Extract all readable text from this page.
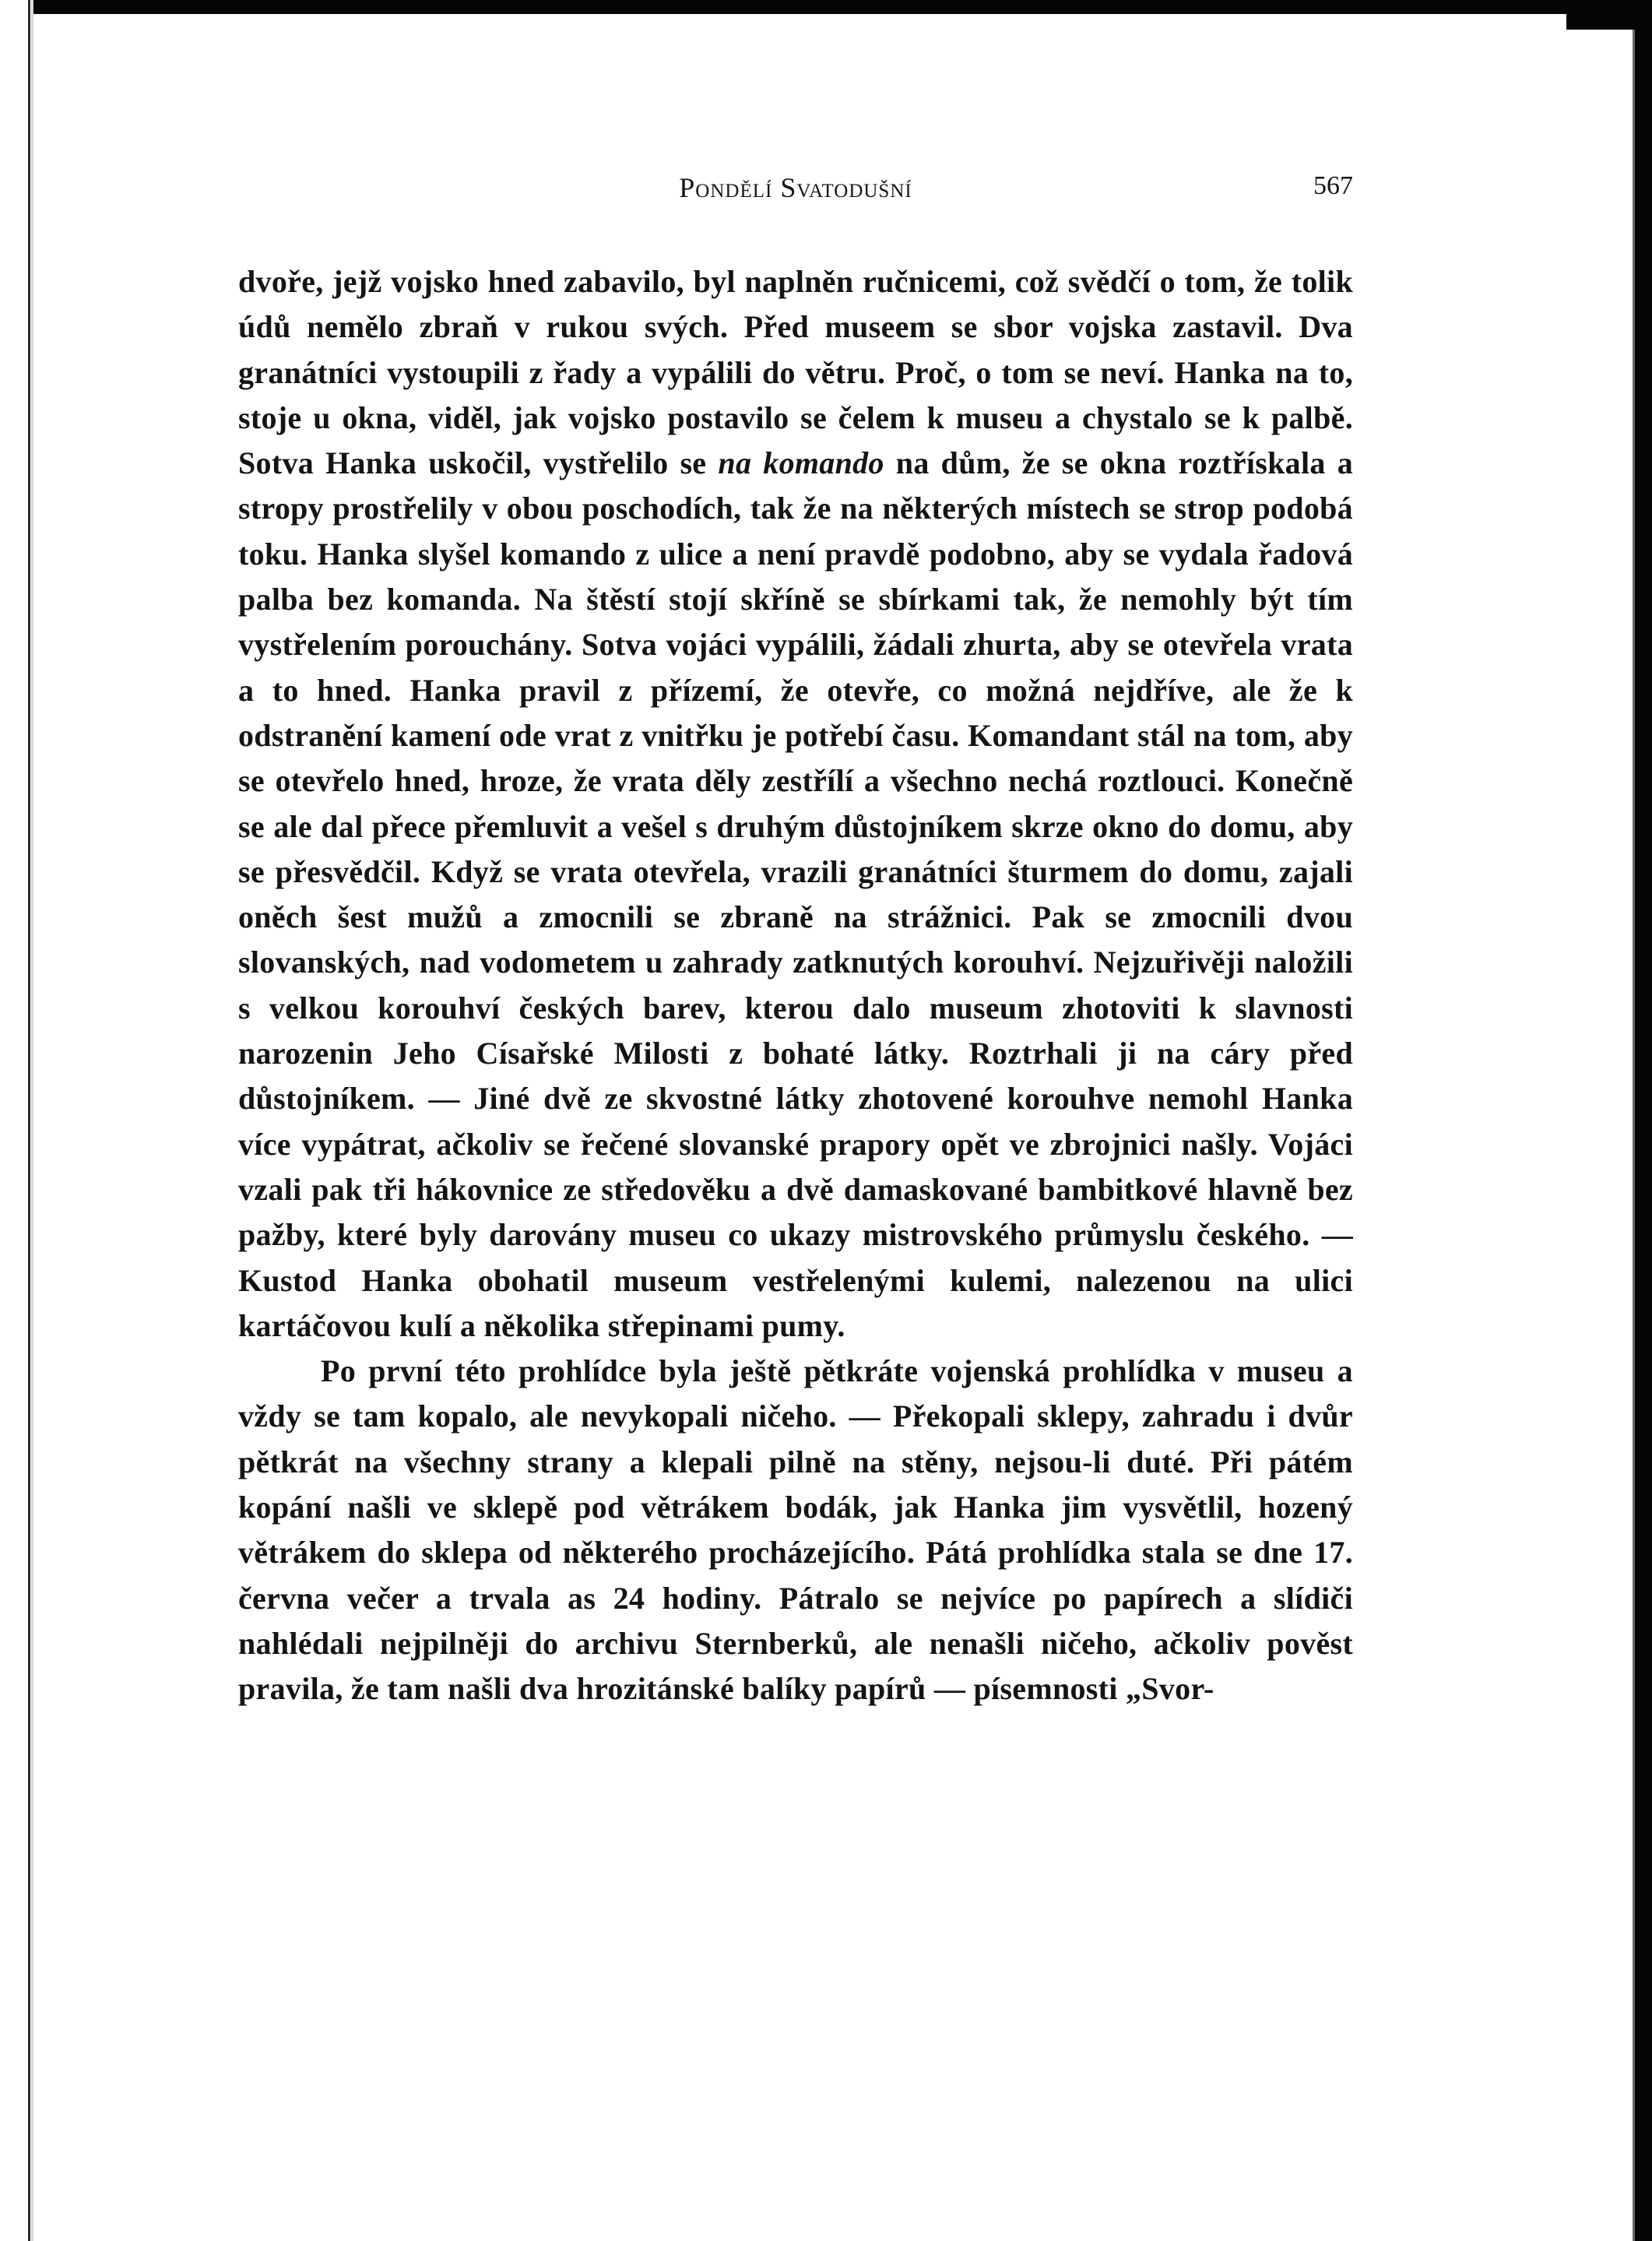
Pondělí Svatodušní	567

dvoře, jejž vojsko hned zabavilo, byl naplněn ručnicemi, což svědčí o tom, že tolik údů nemělo zbraň v rukou svých. Před museem se sbor vojska zastavil. Dva granátníci vystoupili z řady a vypálili do větru. Proč, o tom se neví. Hanka na to, stoje u okna, viděl, jak vojsko postavilo se čelem k museu a chystalo se k palbě. Sotva Hanka uskočil, vystřelilo se na komando na dům, že se okna roztřískala a stropy prostřelily v obou poschodích, tak že na některých místech se strop podobá toku. Hanka slyšel komando z ulice a není pravdě podobno, aby se vydala řadová palba bez komanda. Na štěstí stojí skříně se sbírkami tak, že nemohly být tím vystřelením porouchány. Sotva vojáci vypálili, žádali zhurta, aby se otevřela vrata a to hned. Hanka pravil z přízemí, že otevře, co možná nejdříve, ale že k odstranění kamení ode vrat z vnitřku je potřebí času. Komandant stál na tom, aby se otevřelo hned, hroze, že vrata děly zestřílí a všechno nechá roztlouci. Konečně se ale dal přece přemluvit a vešel s druhým důstojníkem skrze okno do domu, aby se přesvědčil. Když se vrata otevřela, vrazili granátníci šturmem do domu, zajali oněch šest mužů a zmocnili se zbraně na strážnici. Pak se zmocnili dvou slovanských, nad vodometem u zahrady zatknutých korouhví. Nejzuřivěji naložili s velkou korouhví českých barev, kterou dalo museum zhotoviti k slavnosti narozenin Jeho Císařské Milosti z bohaté látky. Roztrhali ji na cáry před důstojníkem. — Jiné dvě ze skvostné látky zhotovené korouhve nemohl Hanka více vypátrat, ačkoliv se řečené slovanské prapory opět ve zbrojnici našly. Vojáci vzali pak tři hákovnice ze středověku a dvě damaskované bambitkové hlavně bez pažby, které byly darovány museu co ukazy mistrovského průmyslu českého. — Kustod Hanka obohatil museum vestřelenými kulemi, nalezenou na ulici kartáčovou kulí a několika střepinami pumy.

Po první této prohlídce byla ještě pětkráte vojenská prohlídka v museu a vždy se tam kopalo, ale nevykopali ničeho. — Překopali sklepy, zahradu i dvůr pětkrát na všechny strany a klepali pilně na stěny, nejsou-li duté. Při pátém kopání našli ve sklepě pod větrákem bodák, jak Hanka jim vysvětlil, hozený větrákem do sklepa od některého procházejícího. Pátá prohlídka stala se dne 17. června večer a trvala as 24 hodiny. Pátralo se nejvíce po papírech a slídiči nahlédali nejpilněji do archivu Sternberků, ale nenašli ničeho, ačkoliv pověst pravila, že tam našli dva hrozitánské balíky papírů — písemnosti „Svor-
